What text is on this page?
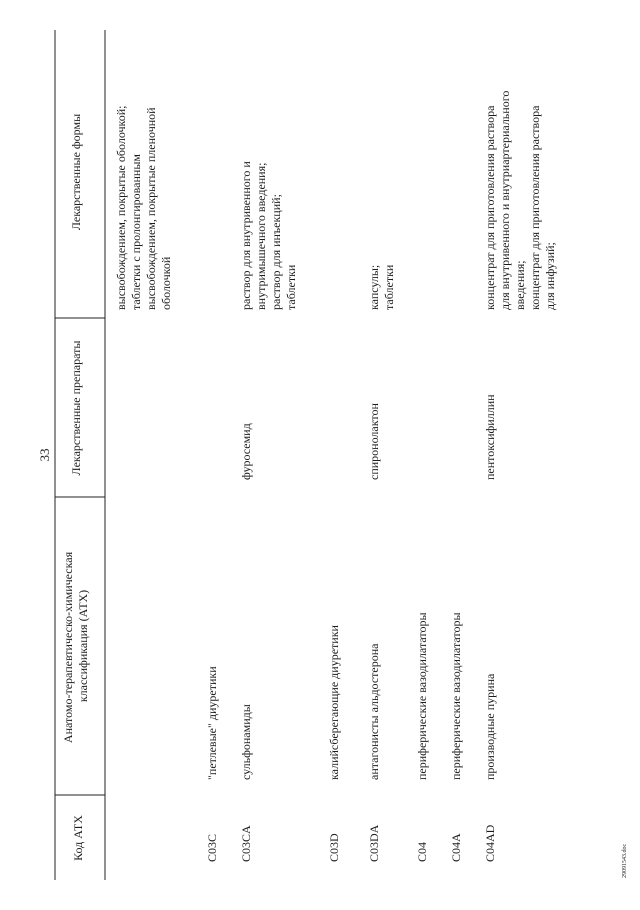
33
Код АТХ
Анатомо-терапевтическо-химическая классификация (АТХ)
Лекарственные препараты
Лекарственные формы	высвобождением, покрытые оболочкой;таблетки с пролонгированнымвысвобождением, покрытые пленочнойоболочкой
C03C
"петлевые" диуретики
C03CA
сульфонамиды
фуросемид
раствор для внутривенного ивнутримышечного введения;раствор для инъекций;таблетки
C03D
калийсберегающие диуретики
C03DA
антагонисты альдостерона
спиронолактон
капсулы;таблетки
C04
периферические вазодилататоры
C04A
периферические вазодилататоры
C04AD
производные пурина
пентоксифиллин
концентрат для приготовления растворадля внутривенного и внутриартериальноговведения;концентрат для приготовления растворадля инфузий;
29091543.doc
